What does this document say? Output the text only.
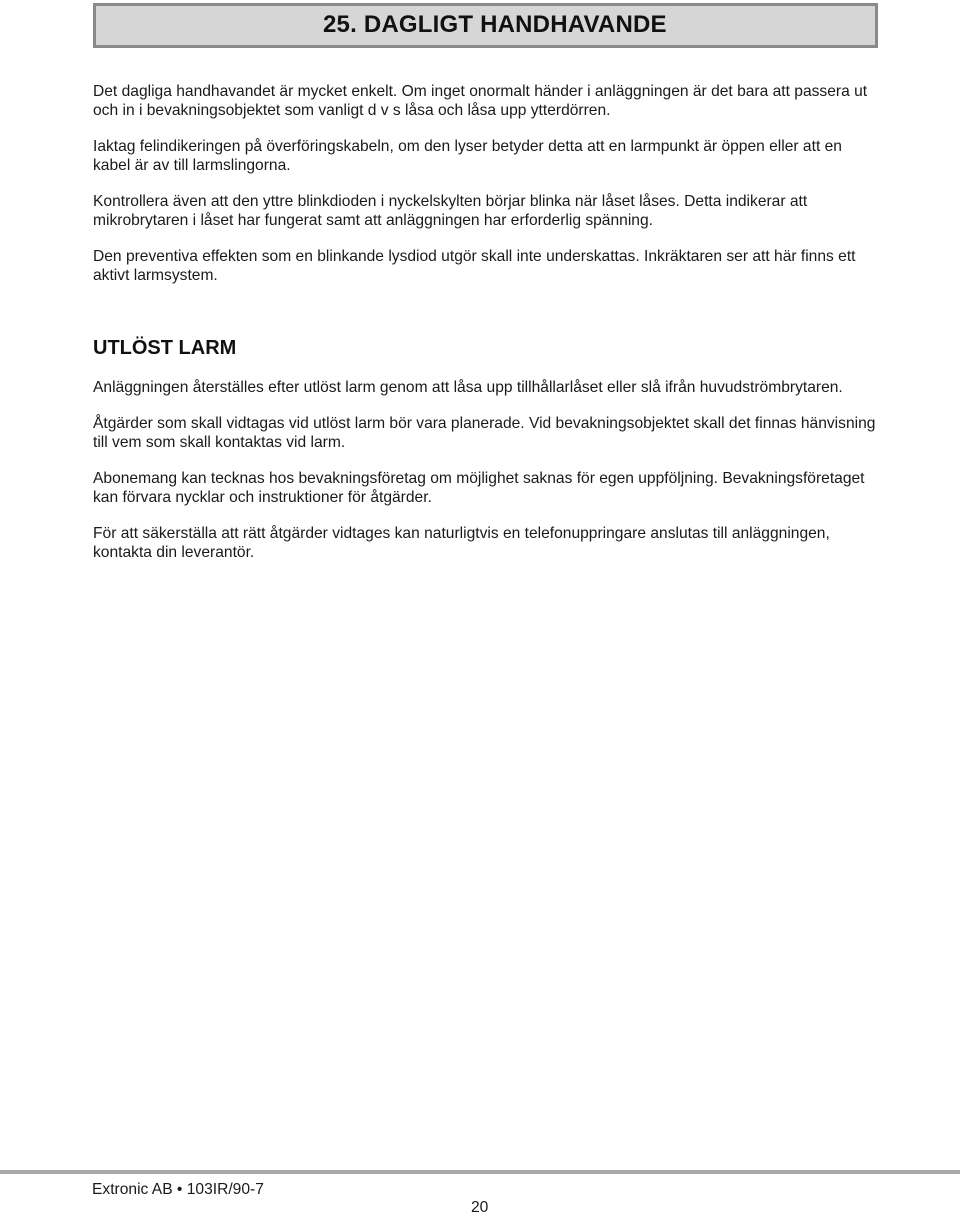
25. DAGLIGT HANDHAVANDE

Det dagliga handhavandet är mycket enkelt. Om inget onormalt händer i anläggningen är det bara att passera ut och in i bevakningsobjektet som vanligt d v s låsa och låsa upp ytterdörren.

Iaktag felindikeringen på överföringskabeln, om den lyser betyder detta att en larmpunkt är öppen eller att en kabel är av till larmslingorna.

Kontrollera även att den yttre blinkdioden i nyckelskylten börjar blinka när låset låses. Detta indikerar att mikrobrytaren i låset har fungerat samt att anläggningen har erforderlig spänning.

Den preventiva effekten som en blinkande lysdiod utgör skall inte underskattas. Inkräktaren ser att här finns ett aktivt larmsystem.

UTLÖST LARM

Anläggningen återställes efter utlöst larm genom att låsa upp tillhållarlåset eller slå ifrån huvudströmbrytaren.

Åtgärder som skall vidtagas vid utlöst larm bör vara planerade. Vid bevakningsobjektet skall det finnas hänvisning till vem som skall kontaktas vid larm.

Abonemang kan tecknas hos bevakningsföretag om möjlighet saknas för egen uppföljning. Bevakningsföretaget kan förvara nycklar och instruktioner för åtgärder.

För att säkerställa att rätt åtgärder vidtages kan naturligtvis en telefonuppringare anslutas till anläggningen, kontakta din leverantör.

Extronic AB • 103IR/90-7
20
